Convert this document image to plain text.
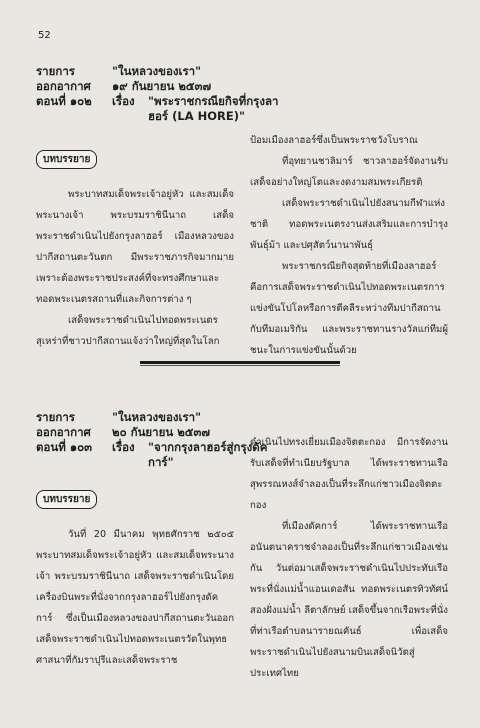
52
รายการ	"ในหลวงของเรา"
ออกอากาศ	๑๙ กันยายน ๒๕๓๗
ตอนที่ ๑๐๒	เรื่อง	"พระราชกรณียกิจที่กรุงลาฮอร์ (LA HORE)"
บทบรรยาย

พระบาทสมเด็จพระเจ้าอยู่หัว และสมเด็จพระนางเจ้า พระบรมราชินีนาถ เสด็จพระราชดำเนินไปยังกรุงลาฮอร์ เมืองหลวงของปากีสถานตะวันตก มีพระราชภารกิจมากมาย เพราะต้องพระราชประสงค์ที่จะทรงศึกษาและทอดพระเนตรสถานที่และกิจการต่าง ๆ

เสด็จพระราชดำเนินไปทอดพระเนตรสุเหร่าที่ชาวปากีสถานแจ้งว่าใหญ่ที่สุดในโลก

ป้อมเมืองลาฮอร์ซึ่งเป็นพระราชวังโบราณ

ที่อุทยานชาลิมาร์ ชาวลาฮอร์จัดงานรับเสด็จอย่างใหญ่โตและงดงามสมพระเกียรติ

เสด็จพระราชดำเนินไปยังสนามกีฬาแห่งชาติ ทอดพระเนตรงานส่งเสริมและการบำรุงพันธุ์ม้า และปศุสัตว์นานาพันธุ์

พระราชกรณียกิจสุดท้ายที่เมืองลาฮอร์ คือการเสด็จพระราชดำเนินไปทอดพระเนตรการแข่งขันโปโลหรือการตีคลีระหว่างทีมปากีสถานกับทีมอเมริกัน และพระราชทานรางวัลแก่ทีมผู้ชนะในการแข่งขันนั้นด้วย

รายการ	"ในหลวงของเรา"
ออกอากาศ	๒๐ กันยายน ๒๕๓๗
ตอนที่ ๑๐๓	เรื่อง	"จากกรุงลาฮอร์สู่กรุงดัคการ์"
บทบรรยาย

วันที่ 20 มีนาคม พุทธศักราช ๒๕๐๕ พระบาทสมเด็จพระเจ้าอยู่หัว และสมเด็จพระนางเจ้า พระบรมราชินีนาถ เสด็จพระราชดำเนินโดยเครื่องบินพระที่นั่งจากกรุงลาฮอร์ไปยังกรุงดัคการ์ ซึ่งเป็นเมืองหลวงของปากีสถานตะวันออก เสด็จพระราชดำเนินไปทอดพระเนตรวัดในพุทธศาสนาที่กัมราปุรีและเสด็จพระราช

ดำเนินไปทรงเยี่ยมเมืองจิตตะกอง มีการจัดงานรับเสด็จที่ทำเนียบรัฐบาล ได้พระราชทานเรือสุพรรณหงส์จำลองเป็นที่ระลึกแก่ชาวเมืองจิตตะกอง

ที่เมืองดัคการ์ ได้พระราชทานเรืออนันตนาคราชจำลองเป็นที่ระลึกแก่ชาวเมืองเช่นกัน วันต่อมาเสด็จพระราชดำเนินไปประทับเรือพระที่นั่งแม่น้ำแอนเดอสัน ทอดพระเนตรทิวทัศน์สองฝั่งแม่น้ำ ลีตาลักษย์ เสด็จขึ้นจากเรือพระที่นั่งที่ท่าเรือตำบลนารายณคันธ์ เพื่อเสด็จพระราชดำเนินไปยังสนามบินเสด็จนิวัตสู่ประเทศไทย
